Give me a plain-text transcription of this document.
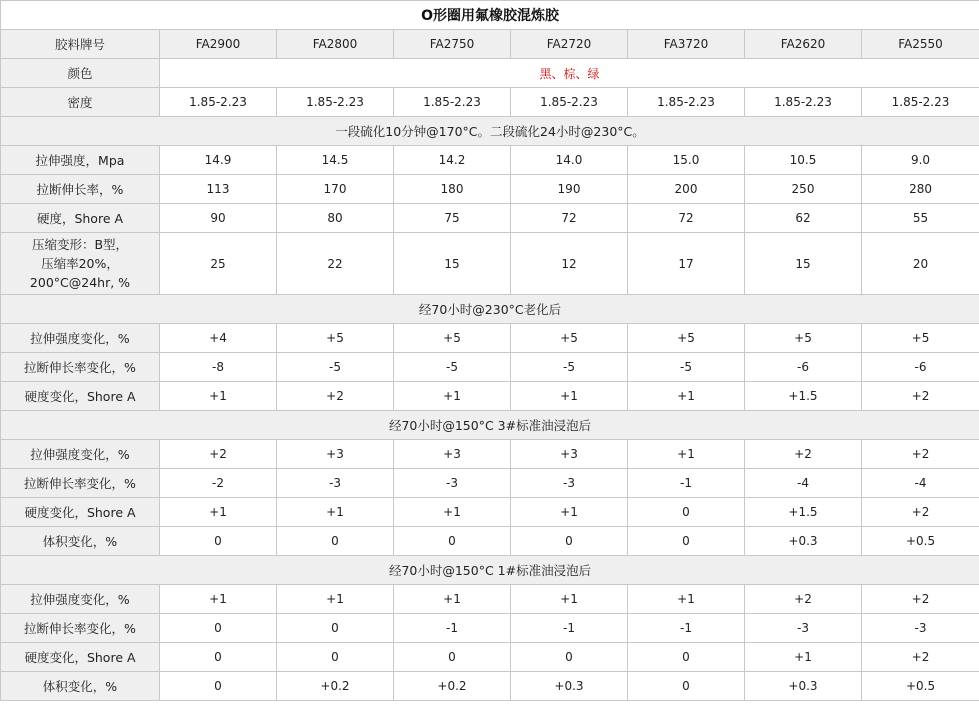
O形圈用氟橡胶混炼胶							
胶料牌号	FA2900	FA2800	FA2750	FA2720	FA3720	FA2620	FA2550
颜色	黑、棕、绿						
密度	1.85-2.23	1.85-2.23	1.85-2.23	1.85-2.23	1.85-2.23	1.85-2.23	1.85-2.23
一段硫化10分钟@170°C。二段硫化24小时@230°C。							
拉伸强度，Mpa	14.9	14.5	14.2	14.0	15.0	10.5	9.0
拉断伸长率，%	113	170	180	190	200	250	280
硬度，Shore A	90	80	75	72	72	62	55

压缩变形：B型，
压缩率20%，
200°C@24hr, %	25	22	15	12	17	15	20
经70小时@230°C老化后							
拉伸强度变化，%	+4	+5	+5	+5	+5	+5	+5
拉断伸长率变化，%	-8	-5	-5	-5	-5	-6	-6
硬度变化，Shore A	+1	+2	+1	+1	+1	+1.5	+2
经70小时@150°C 3#标准油浸泡后							
拉伸强度变化，%	+2	+3	+3	+3	+1	+2	+2
拉断伸长率变化，%	-2	-3	-3	-3	-1	-4	-4
硬度变化，Shore A	+1	+1	+1	+1	0	+1.5	+2
体积变化，%	0	0	0	0	0	+0.3	+0.5
经70小时@150°C 1#标准油浸泡后							
拉伸强度变化，%	+1	+1	+1	+1	+1	+2	+2
拉断伸长率变化，%	0	0	-1	-1	-1	-3	-3
硬度变化，Shore A	0	0	0	0	0	+1	+2
体积变化，%	0	+0.2	+0.2	+0.3	0	+0.3	+0.5
